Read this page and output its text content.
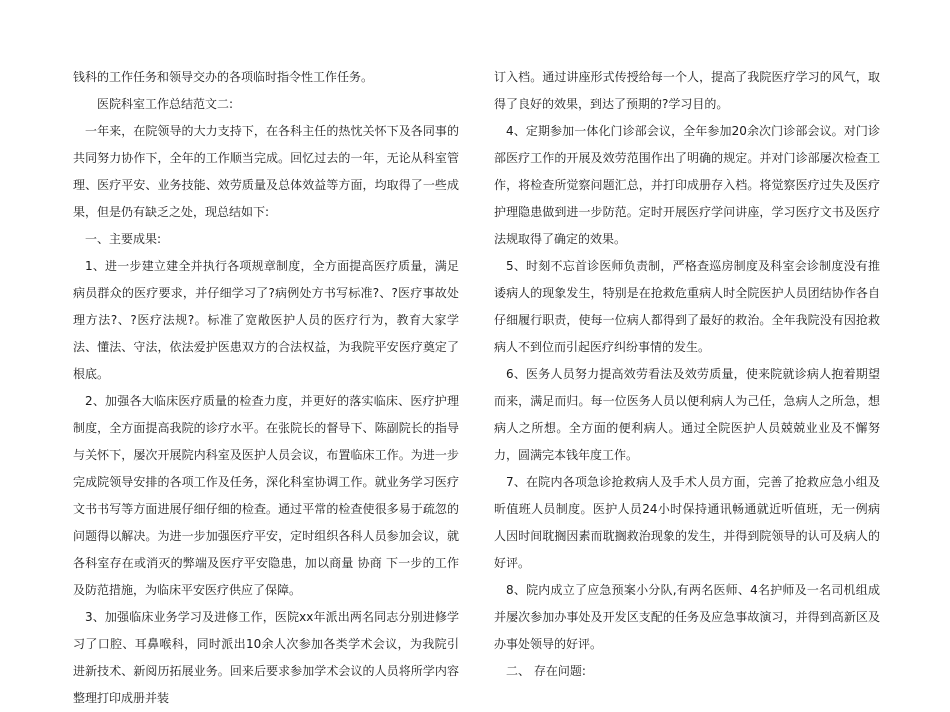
钱科的工作任务和领导交办的各项临时指令性工作任务。

医院科室工作总结范文二:

一年来，在院领导的大力支持下，在各科主任的热忱关怀下及各同事的共同努力协作下，全年的工作顺当完成。回忆过去的一年，无论从科室管理、医疗平安、业务技能、效劳质量及总体效益等方面，均取得了一些成果，但是仍有缺乏之处，现总结如下:

一、主要成果:

1、进一步建立建全并执行各项规章制度，全方面提高医疗质量，满足病员群众的医疗要求，并仔细学习了?病例处方书写标准?、?医疗事故处理方法?、?医疗法规?。标准了宽敞医护人员的医疗行为，教育大家学法、懂法、守法，依法爱护医患双方的合法权益，为我院平安医疗奠定了根底。

2、加强各大临床医疗质量的检查力度，并更好的落实临床、医疗护理制度，全方面提高我院的诊疗水平。在张院长的督导下、陈副院长的指导与关怀下，屡次开展院内科室及医护人员会议，布置临床工作。为进一步完成院领导安排的各项工作及任务，深化科室协调工作。就业务学习医疗文书书写等方面进展仔细仔细的检查。通过平常的检查使很多易于疏忽的问题得以解决。为进一步加强医疗平安，定时组织各科人员参加会议，就各科室存在或消灭的弊端及医疗平安隐患，加以商量 协商 下一步的工作及防范措施，为临床平安医疗供应了保障。

3、加强临床业务学习及进修工作，医院xx年派出两名同志分别进修学习了口腔、耳鼻喉科，同时派出10余人次参加各类学术会议，为我院引进新技术、新阅历拓展业务。回来后要求参加学术会议的人员将所学内容整理打印成册并装

订入档。通过讲座形式传授给每一个人，提高了我院医疗学习的风气，取得了良好的效果，到达了预期的?学习目的。

4、定期参加一体化门诊部会议，全年参加20余次门诊部会议。对门诊部医疗工作的开展及效劳范围作出了明确的规定。并对门诊部屡次检查工作，将检查所觉察问题汇总，并打印成册存入档。将觉察医疗过失及医疗护理隐患做到进一步防范。定时开展医疗学问讲座，学习医疗文书及医疗法规取得了确定的效果。

5、时刻不忘首诊医师负责制，严格查巡房制度及科室会诊制度没有推诿病人的现象发生，特别是在抢救危重病人时全院医护人员团结协作各自仔细履行职责，使每一位病人都得到了最好的救治。全年我院没有因抢救病人不到位而引起医疗纠纷事情的发生。

6、医务人员努力提高效劳看法及效劳质量，使来院就诊病人抱着期望而来，满足而归。每一位医务人员以便利病人为己任，急病人之所急，想病人之所想。全方面的便利病人。通过全院医护人员兢兢业业及不懈努力，圆满完本钱年度工作。

7、在院内各项急诊抢救病人及手术人员方面，完善了抢救应急小组及昕值班人员制度。医护人员24小时保持通讯畅通就近听值班，无一例病人因时间耽搁因素而耽搁救治现象的发生，并得到院领导的认可及病人的好评。

8、院内成立了应急预案小分队,有两名医师、4名护师及一名司机组成并屡次参加办事处及开发区支配的任务及应急事故演习，并得到高新区及办事处领导的好评。

二、 存在问题:
